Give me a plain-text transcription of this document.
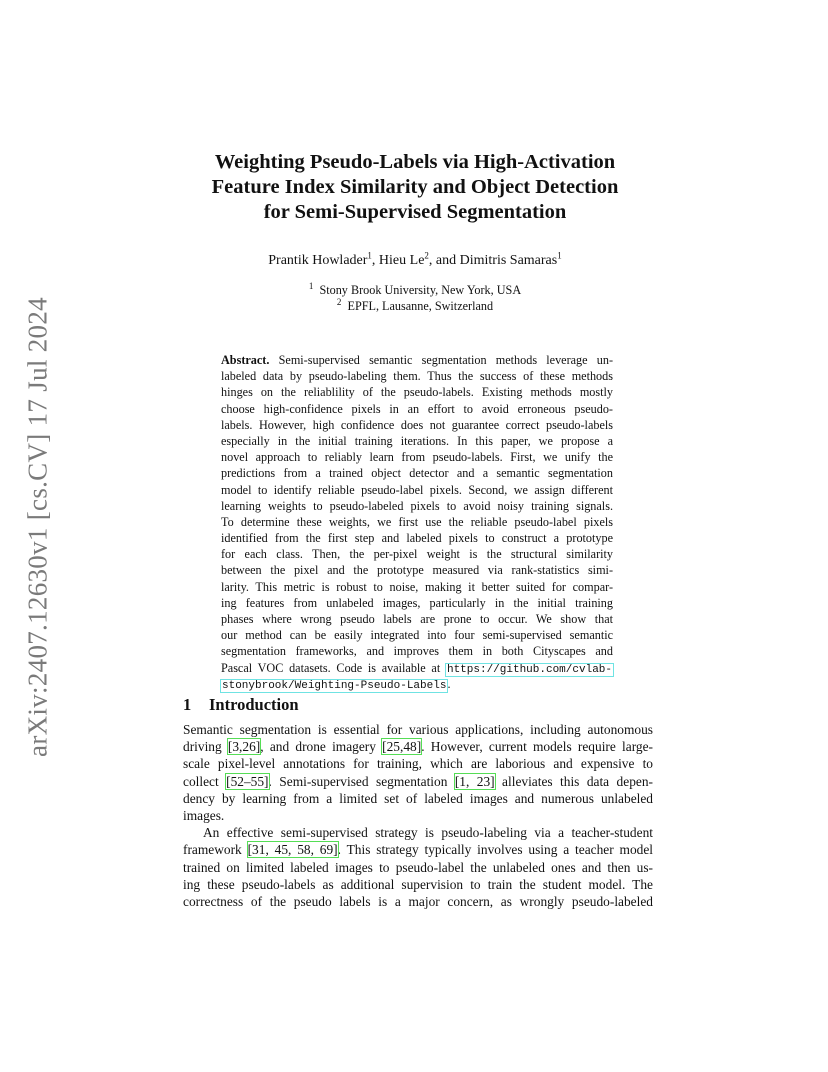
arXiv:2407.12630v1 [cs.CV] 17 Jul 2024
Weighting Pseudo-Labels via High-Activation
Feature Index Similarity and Object Detection
for Semi-Supervised Segmentation
Prantik Howlader$^1$, Hieu Le$^2$, and Dimitris Samaras$^1$
$^1$ Stony Brook University, New York, USA
$^2$ EPFL, Lausanne, Switzerland
Abstract. Semi-supervised semantic segmentation methods leverage un-
labeled data by pseudo-labeling them. Thus the success of these methods
hinges on the reliablility of the pseudo-labels. Existing methods mostly
choose high-confidence pixels in an effort to avoid erroneous pseudo-
labels. However, high confidence does not guarantee correct pseudo-labels
especially in the initial training iterations. In this paper, we propose a
novel approach to reliably learn from pseudo-labels. First, we unify the
predictions from a trained object detector and a semantic segmentation
model to identify reliable pseudo-label pixels. Second, we assign different
learning weights to pseudo-labeled pixels to avoid noisy training signals.
To determine these weights, we first use the reliable pseudo-label pixels
identified from the first step and labeled pixels to construct a prototype
for each class. Then, the per-pixel weight is the structural similarity
between the pixel and the prototype measured via rank-statistics simi-
larity. This metric is robust to noise, making it better suited for compar-
ing features from unlabeled images, particularly in the initial training
phases where wrong pseudo labels are prone to occur. We show that
our method can be easily integrated into four semi-supervised semantic
segmentation frameworks, and improves them in both Cityscapes and
Pascal VOC datasets. Code is available at https://github.com/cvlab-
stonybrook/Weighting-Pseudo-Labels.
1 Introduction
Semantic segmentation is essential for various applications, including autonomous
driving [3,26], and drone imagery [25,48]. However, current models require large-
scale pixel-level annotations for training, which are laborious and expensive to
collect [52–55]. Semi-supervised segmentation [1, 23] alleviates this data depen-
dency by learning from a limited set of labeled images and numerous unlabeled
images.
An effective semi-supervised strategy is pseudo-labeling via a teacher-student
framework [31, 45, 58, 69]. This strategy typically involves using a teacher model
trained on limited labeled images to pseudo-label the unlabeled ones and then us-
ing these pseudo-labels as additional supervision to train the student model. The
correctness of the pseudo labels is a major concern, as wrongly pseudo-labeled
